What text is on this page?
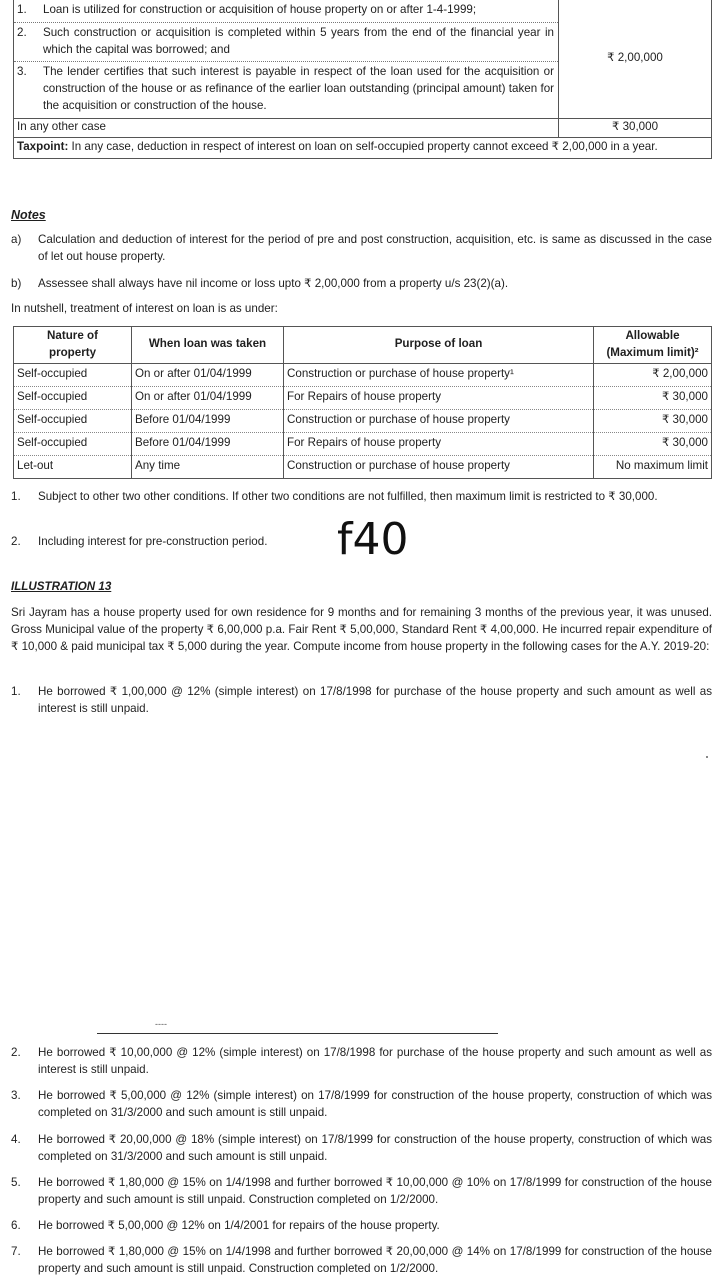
1.	Loan is utilized for construction or acquisition of house property on or after 1-4-1999;
2.	Such construction or acquisition is completed within 5 years from the end of the financial year in which the capital was borrowed; and
3.	The lender certifies that such interest is payable in respect of the loan used for the acquisition or construction of the house or as refinance of the earlier loan outstanding (principal amount) taken for the acquisition or construction of the house.
₹ 2,00,000
In any other case	₹ 30,000
Taxpoint: In any case, deduction in respect of interest on loan on self-occupied property cannot exceed ₹ 2,00,000 in a year.
Notes
a)	Calculation and deduction of interest for the period of pre and post construction, acquisition, etc. is same as discussed in the case of let out house property.
b)	Assessee shall always have nil income or loss upto ₹ 2,00,000 from a property u/s 23(2)(a).
In nutshell, treatment of interest on loan is as under:
Nature of
property	When loan was taken	Purpose of loan	Allowable
(Maximum limit)²
Self-occupied	On or after 01/04/1999	Construction or purchase of house property¹	₹ 2,00,000
Self-occupied	On or after 01/04/1999	For Repairs of house property	₹ 30,000
Self-occupied	Before 01/04/1999	Construction or purchase of house property	₹ 30,000
Self-occupied	Before 01/04/1999	For Repairs of house property	₹ 30,000
Let-out	Any time	Construction or purchase of house property	No maximum limit
1.	Subject to other two other conditions. If other two conditions are not fulfilled, then maximum limit is restricted to ₹ 30,000.
2.	Including interest for pre-construction period.	f40
ILLUSTRATION 13
Sri Jayram has a house property used for own residence for 9 months and for remaining 3 months of the previous year, it was unused. Gross Municipal value of the property ₹ 6,00,000 p.a. Fair Rent ₹ 5,00,000, Standard Rent ₹ 4,00,000. He incurred repair expenditure of ₹ 10,000 & paid municipal tax ₹ 5,000 during the year. Compute income from house property in the following cases for the A.Y. 2019-20:
1.	He borrowed ₹ 1,00,000 @ 12% (simple interest) on 17/8/1998 for purchase of the house property and such amount as well as interest is still unpaid.
----
2.	He borrowed ₹ 10,00,000 @ 12% (simple interest) on 17/8/1998 for purchase of the house property and such amount as well as interest is still unpaid.
3.	He borrowed ₹ 5,00,000 @ 12% (simple interest) on 17/8/1999 for construction of the house property, construction of which was completed on 31/3/2000 and such amount is still unpaid.
4.	He borrowed ₹ 20,00,000 @ 18% (simple interest) on 17/8/1999 for construction of the house property, construction of which was completed on 31/3/2000 and such amount is still unpaid.
5.	He borrowed ₹ 1,80,000 @ 15% on 1/4/1998 and further borrowed ₹ 10,00,000 @ 10% on 17/8/1999 for construction of the house property and such amount is still unpaid. Construction completed on 1/2/2000.
6.	He borrowed ₹ 5,00,000 @ 12% on 1/4/2001 for repairs of the house property.
7.	He borrowed ₹ 1,80,000 @ 15% on 1/4/1998 and further borrowed ₹ 20,00,000 @ 14% on 17/8/1999 for construction of the house property and such amount is still unpaid. Construction completed on 1/2/2000.
